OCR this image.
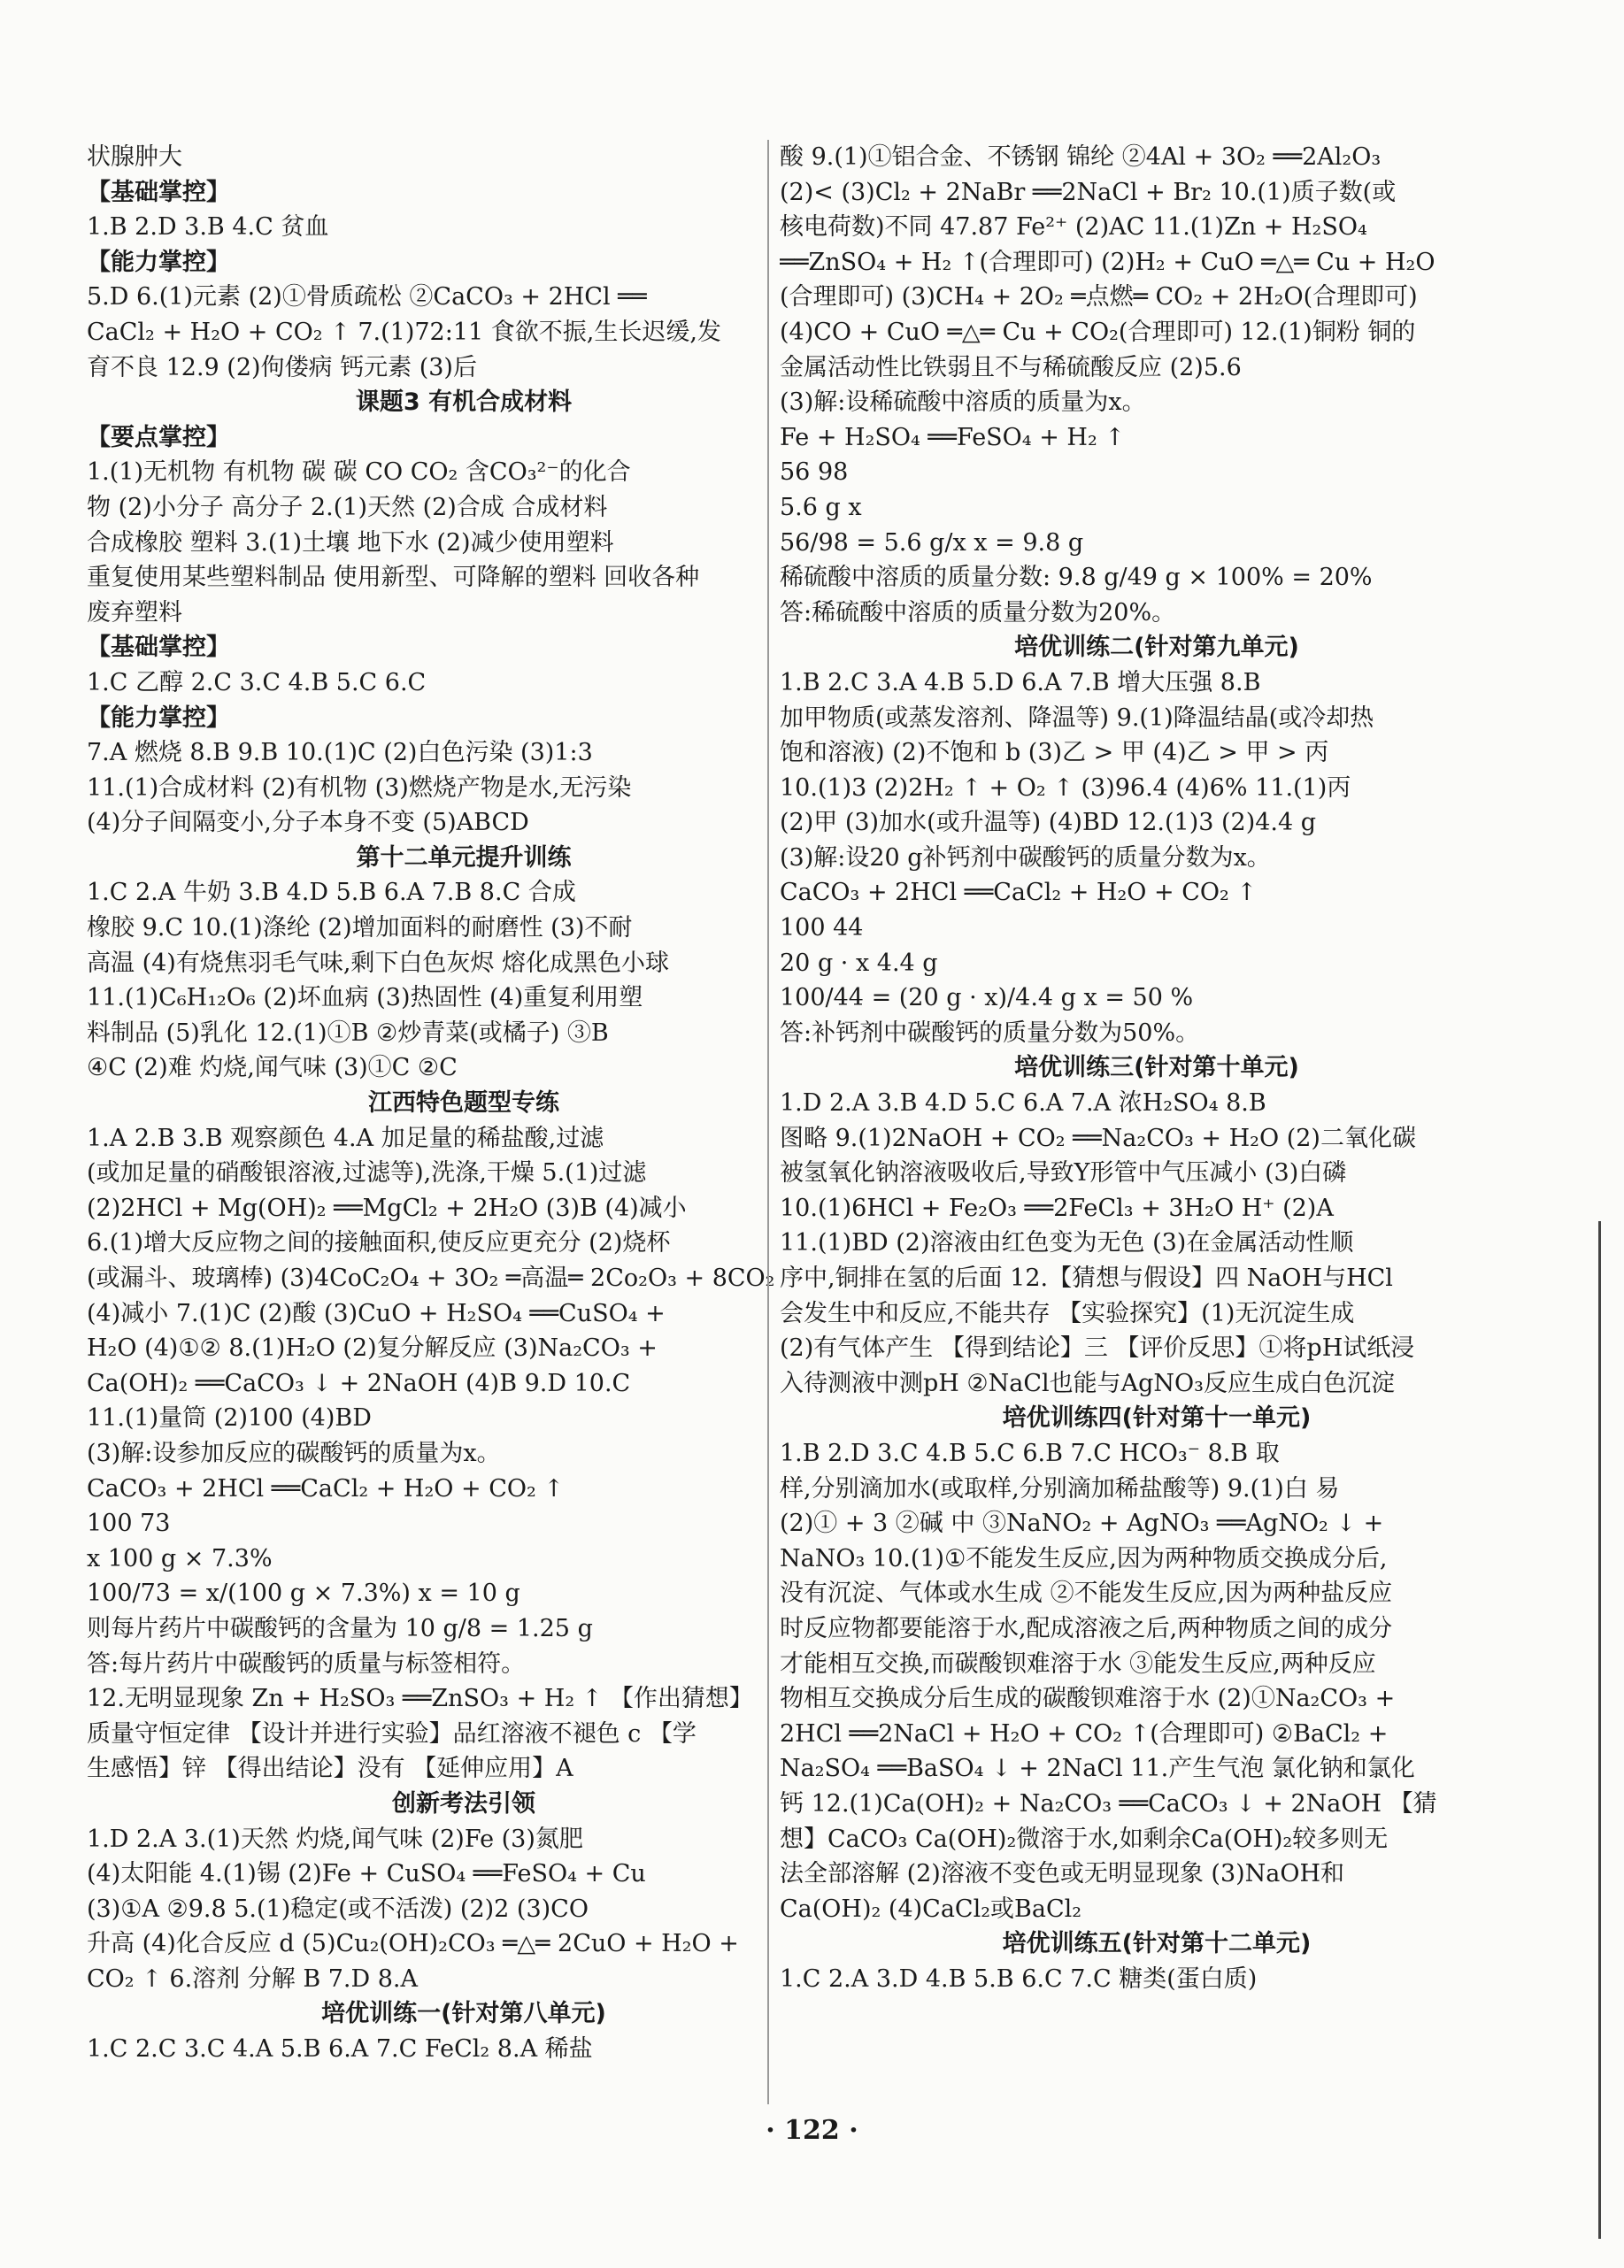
状腺肿大
【基础掌控】
1.B 2.D 3.B 4.C 贫血
【能力掌控】
5.D 6.(1)元素 (2)①骨质疏松 ②CaCO₃ + 2HCl ══
CaCl₂ + H₂O + CO₂ ↑ 7.(1)72:11 食欲不振,生长迟缓,发
育不良 12.9 (2)佝偻病 钙元素 (3)后
课题3 有机合成材料
【要点掌控】
1.(1)无机物 有机物 碳 碳 CO CO₂ 含CO₃²⁻的化合
物 (2)小分子 高分子 2.(1)天然 (2)合成 合成材料
合成橡胶 塑料 3.(1)土壤 地下水 (2)减少使用塑料
重复使用某些塑料制品 使用新型、可降解的塑料 回收各种
废弃塑料
【基础掌控】
1.C 乙醇 2.C 3.C 4.B 5.C 6.C
【能力掌控】
7.A 燃烧 8.B 9.B 10.(1)C (2)白色污染 (3)1:3
11.(1)合成材料 (2)有机物 (3)燃烧产物是水,无污染
(4)分子间隔变小,分子本身不变 (5)ABCD
第十二单元提升训练
1.C 2.A 牛奶 3.B 4.D 5.B 6.A 7.B 8.C 合成
橡胶 9.C 10.(1)涤纶 (2)增加面料的耐磨性 (3)不耐
高温 (4)有烧焦羽毛气味,剩下白色灰烬 熔化成黑色小球
11.(1)C₆H₁₂O₆ (2)坏血病 (3)热固性 (4)重复利用塑
料制品 (5)乳化 12.(1)①B ②炒青菜(或橘子) ③B
④C (2)难 灼烧,闻气味 (3)①C ②C
江西特色题型专练
1.A 2.B 3.B 观察颜色 4.A 加足量的稀盐酸,过滤
(或加足量的硝酸银溶液,过滤等),洗涤,干燥 5.(1)过滤
(2)2HCl + Mg(OH)₂ ══MgCl₂ + 2H₂O (3)B (4)减小
6.(1)增大反应物之间的接触面积,使反应更充分 (2)烧杯
(或漏斗、玻璃棒) (3)4CoC₂O₄ + 3O₂ ═高温═ 2Co₂O₃ + 8CO₂
(4)减小 7.(1)C (2)酸 (3)CuO + H₂SO₄ ══CuSO₄ +
H₂O (4)①② 8.(1)H₂O (2)复分解反应 (3)Na₂CO₃ +
Ca(OH)₂ ══CaCO₃ ↓ + 2NaOH (4)B 9.D 10.C
11.(1)量筒 (2)100 (4)BD
(3)解:设参加反应的碳酸钙的质量为x。
CaCO₃ + 2HCl ══CaCl₂ + H₂O + CO₂ ↑
100 73
x 100 g × 7.3%
100/73 = x/(100 g × 7.3%) x = 10 g
则每片药片中碳酸钙的含量为 10 g/8 = 1.25 g
答:每片药片中碳酸钙的质量与标签相符。
12.无明显现象 Zn + H₂SO₃ ══ZnSO₃ + H₂ ↑ 【作出猜想】
质量守恒定律 【设计并进行实验】品红溶液不褪色 c 【学
生感悟】锌 【得出结论】没有 【延伸应用】A
创新考法引领
1.D 2.A 3.(1)天然 灼烧,闻气味 (2)Fe (3)氮肥
(4)太阳能 4.(1)锡 (2)Fe + CuSO₄ ══FeSO₄ + Cu
(3)①A ②9.8 5.(1)稳定(或不活泼) (2)2 (3)CO
升高 (4)化合反应 d (5)Cu₂(OH)₂CO₃ ═△═ 2CuO + H₂O +
CO₂ ↑ 6.溶剂 分解 B 7.D 8.A
培优训练一(针对第八单元)
1.C 2.C 3.C 4.A 5.B 6.A 7.C FeCl₂ 8.A 稀盐
酸 9.(1)①铝合金、不锈钢 锦纶 ②4Al + 3O₂ ══2Al₂O₃
(2)< (3)Cl₂ + 2NaBr ══2NaCl + Br₂ 10.(1)质子数(或
核电荷数)不同 47.87 Fe²⁺ (2)AC 11.(1)Zn + H₂SO₄
══ZnSO₄ + H₂ ↑(合理即可) (2)H₂ + CuO ═△═ Cu + H₂O
(合理即可) (3)CH₄ + 2O₂ ═点燃═ CO₂ + 2H₂O(合理即可)
(4)CO + CuO ═△═ Cu + CO₂(合理即可) 12.(1)铜粉 铜的
金属活动性比铁弱且不与稀硫酸反应 (2)5.6
(3)解:设稀硫酸中溶质的质量为x。
Fe + H₂SO₄ ══FeSO₄ + H₂ ↑
56 98
5.6 g x
56/98 = 5.6 g/x x = 9.8 g
稀硫酸中溶质的质量分数: 9.8 g/49 g × 100% = 20%
答:稀硫酸中溶质的质量分数为20%。
培优训练二(针对第九单元)
1.B 2.C 3.A 4.B 5.D 6.A 7.B 增大压强 8.B
加甲物质(或蒸发溶剂、降温等) 9.(1)降温结晶(或冷却热
饱和溶液) (2)不饱和 b (3)乙 > 甲 (4)乙 > 甲 > 丙
10.(1)3 (2)2H₂ ↑ + O₂ ↑ (3)96.4 (4)6% 11.(1)丙
(2)甲 (3)加水(或升温等) (4)BD 12.(1)3 (2)4.4 g
(3)解:设20 g补钙剂中碳酸钙的质量分数为x。
CaCO₃ + 2HCl ══CaCl₂ + H₂O + CO₂ ↑
100 44
20 g · x 4.4 g
100/44 = (20 g · x)/4.4 g x = 50 %
答:补钙剂中碳酸钙的质量分数为50%。
培优训练三(针对第十单元)
1.D 2.A 3.B 4.D 5.C 6.A 7.A 浓H₂SO₄ 8.B
图略 9.(1)2NaOH + CO₂ ══Na₂CO₃ + H₂O (2)二氧化碳
被氢氧化钠溶液吸收后,导致Y形管中气压减小 (3)白磷
10.(1)6HCl + Fe₂O₃ ══2FeCl₃ + 3H₂O H⁺ (2)A
11.(1)BD (2)溶液由红色变为无色 (3)在金属活动性顺
序中,铜排在氢的后面 12.【猜想与假设】四 NaOH与HCl
会发生中和反应,不能共存 【实验探究】(1)无沉淀生成
(2)有气体产生 【得到结论】三 【评价反思】①将pH试纸浸
入待测液中测pH ②NaCl也能与AgNO₃反应生成白色沉淀
培优训练四(针对第十一单元)
1.B 2.D 3.C 4.B 5.C 6.B 7.C HCO₃⁻ 8.B 取
样,分别滴加水(或取样,分别滴加稀盐酸等) 9.(1)白 易
(2)① + 3 ②碱 中 ③NaNO₂ + AgNO₃ ══AgNO₂ ↓ +
NaNO₃ 10.(1)①不能发生反应,因为两种物质交换成分后,
没有沉淀、气体或水生成 ②不能发生反应,因为两种盐反应
时反应物都要能溶于水,配成溶液之后,两种物质之间的成分
才能相互交换,而碳酸钡难溶于水 ③能发生反应,两种反应
物相互交换成分后生成的碳酸钡难溶于水 (2)①Na₂CO₃ +
2HCl ══2NaCl + H₂O + CO₂ ↑(合理即可) ②BaCl₂ +
Na₂SO₄ ══BaSO₄ ↓ + 2NaCl 11.产生气泡 氯化钠和氯化
钙 12.(1)Ca(OH)₂ + Na₂CO₃ ══CaCO₃ ↓ + 2NaOH 【猜
想】CaCO₃ Ca(OH)₂微溶于水,如剩余Ca(OH)₂较多则无
法全部溶解 (2)溶液不变色或无明显现象 (3)NaOH和
Ca(OH)₂ (4)CaCl₂或BaCl₂
培优训练五(针对第十二单元)
1.C 2.A 3.D 4.B 5.B 6.C 7.C 糖类(蛋白质)
· 122 ·
